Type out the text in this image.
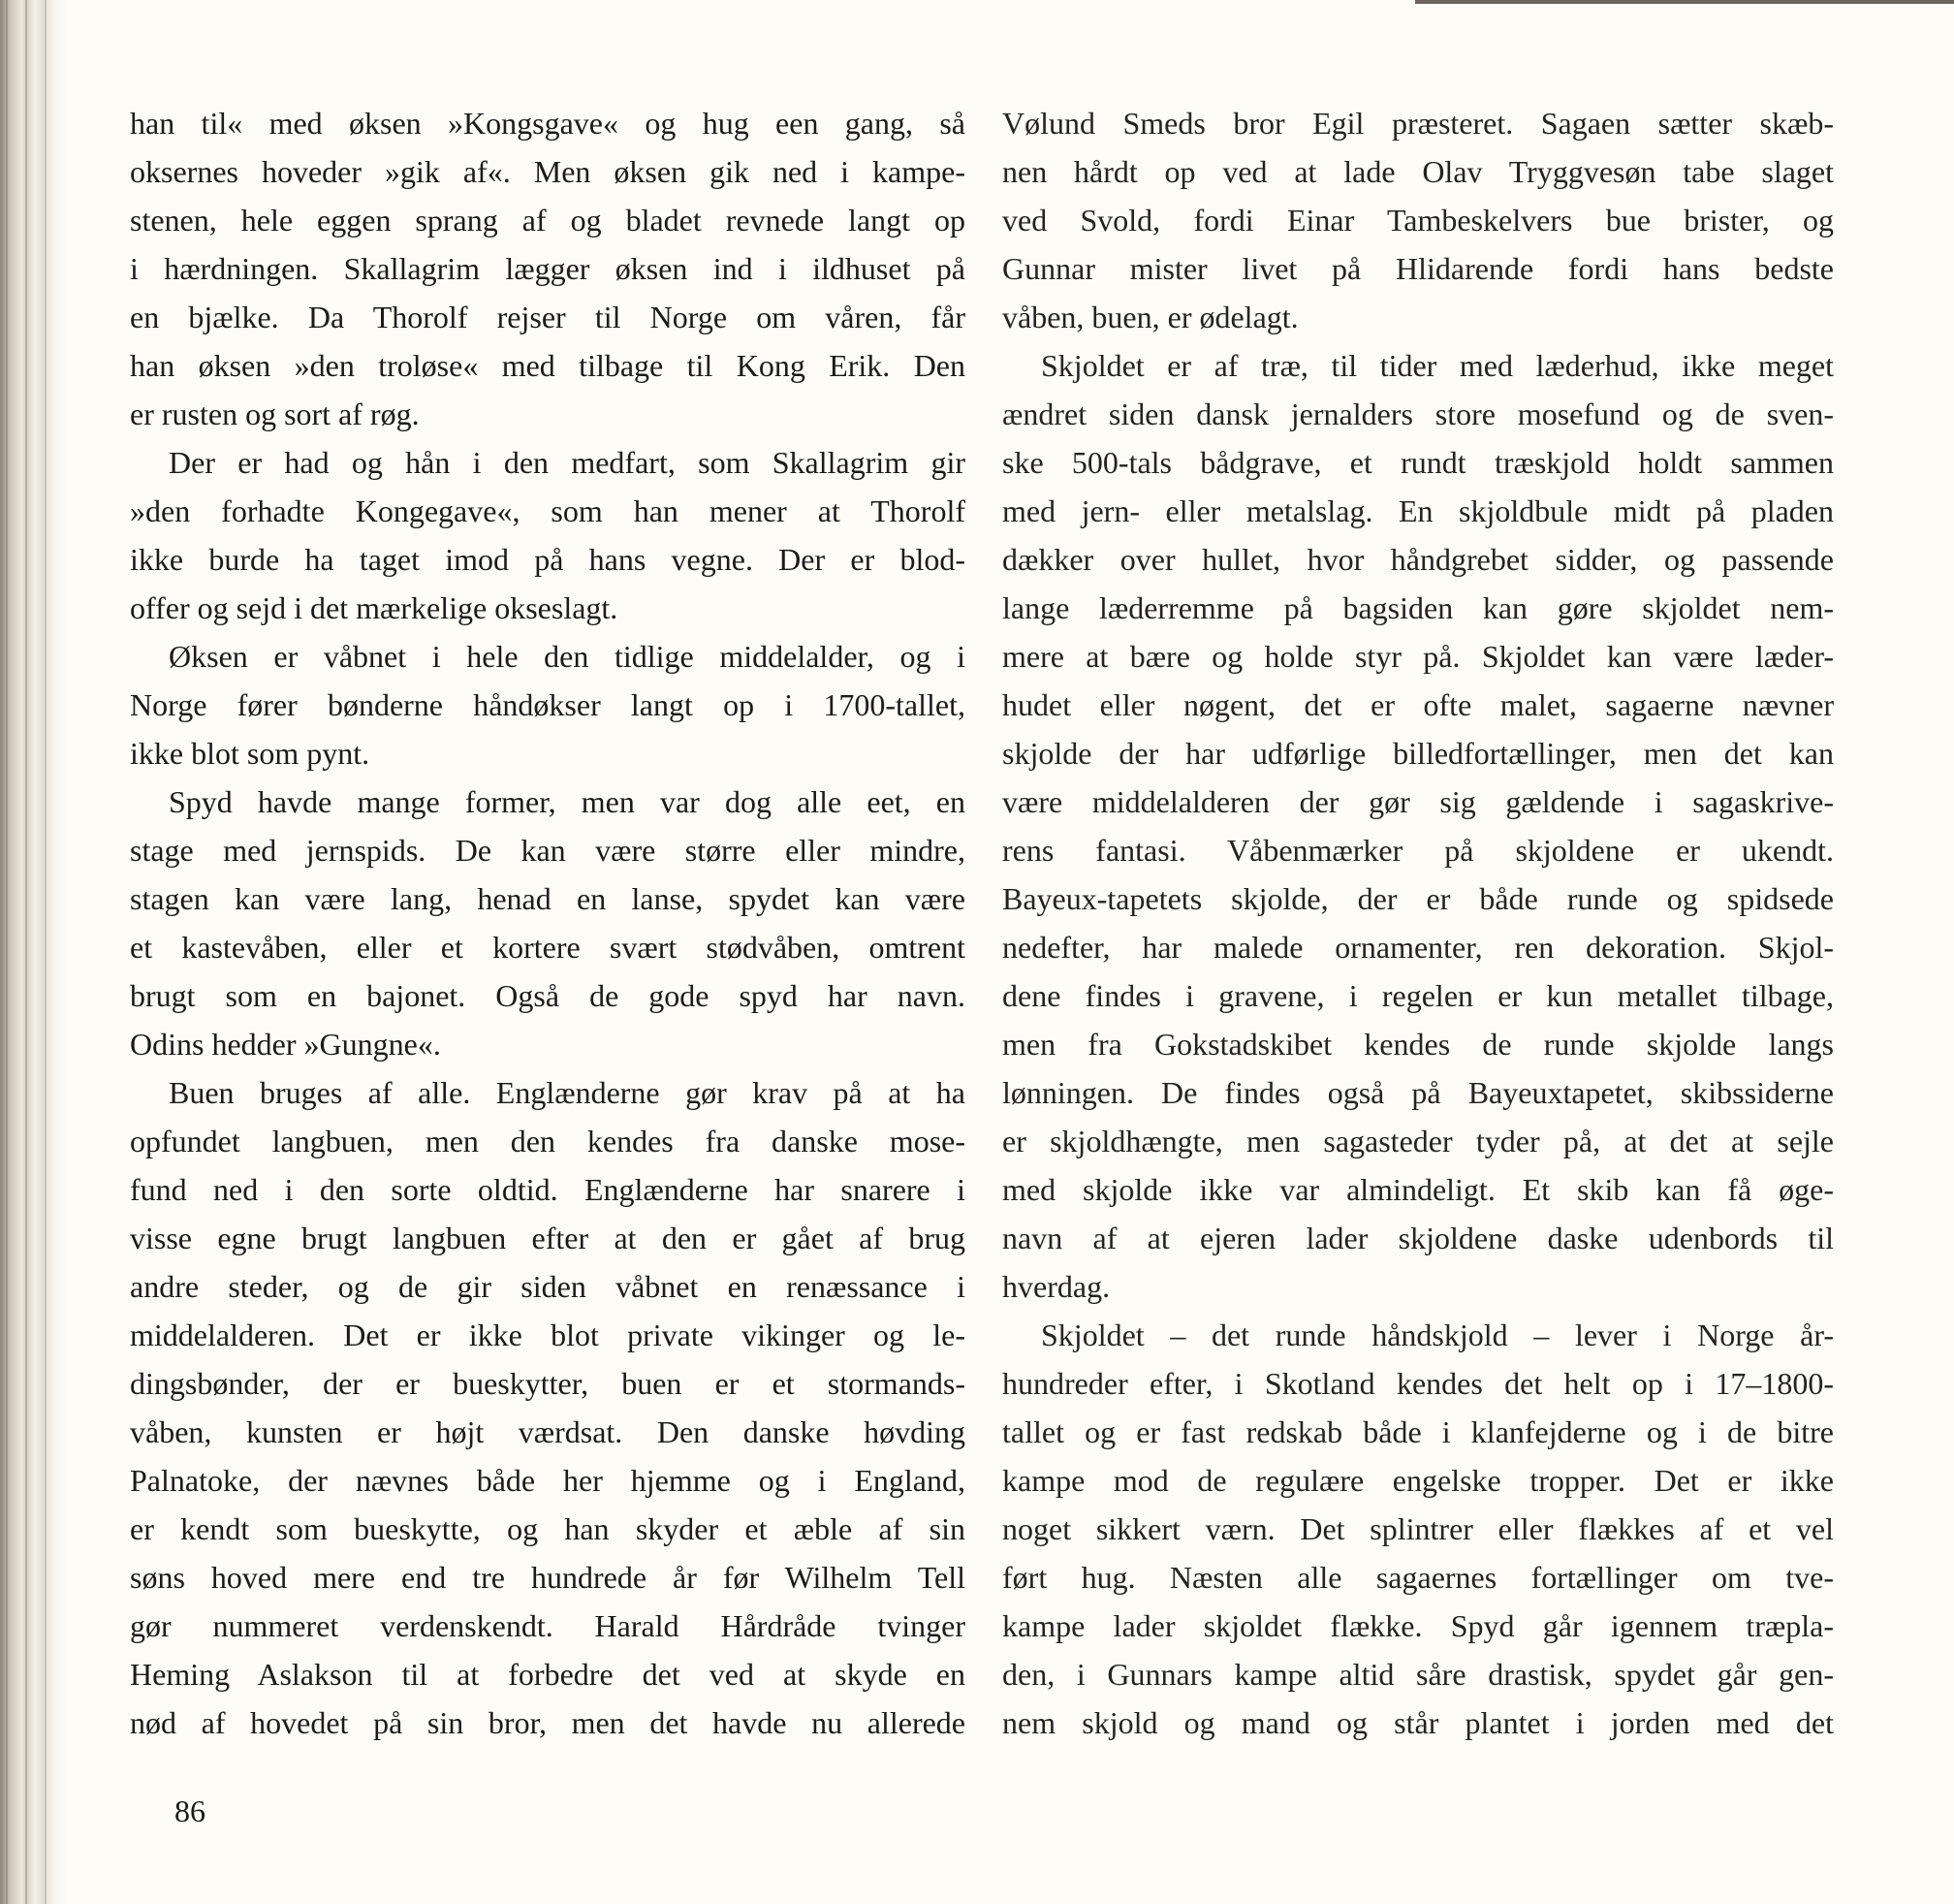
han til« med øksen »Kongsgave« og hug een gang, så
oksernes hoveder »gik af«. Men øksen gik ned i kampe-
stenen, hele eggen sprang af og bladet revnede langt op
i hærdningen. Skallagrim lægger øksen ind i ildhuset på
en bjælke. Da Thorolf rejser til Norge om våren, får
han øksen »den troløse« med tilbage til Kong Erik. Den
er rusten og sort af røg.
Der er had og hån i den medfart, som Skallagrim gir
»den forhadte Kongegave«, som han mener at Thorolf
ikke burde ha taget imod på hans vegne. Der er blod-
offer og sejd i det mærkelige okseslagt.
Øksen er våbnet i hele den tidlige middelalder, og i
Norge fører bønderne håndøkser langt op i 1700-tallet,
ikke blot som pynt.
Spyd havde mange former, men var dog alle eet, en
stage med jernspids. De kan være større eller mindre,
stagen kan være lang, henad en lanse, spydet kan være
et kastevåben, eller et kortere svært stødvåben, omtrent
brugt som en bajonet. Også de gode spyd har navn.
Odins hedder »Gungne«.
Buen bruges af alle. Englænderne gør krav på at ha
opfundet langbuen, men den kendes fra danske mose-
fund ned i den sorte oldtid. Englænderne har snarere i
visse egne brugt langbuen efter at den er gået af brug
andre steder, og de gir siden våbnet en renæssance i
middelalderen. Det er ikke blot private vikinger og le-
dingsbønder, der er bueskytter, buen er et stormands-
våben, kunsten er højt værdsat. Den danske høvding
Palnatoke, der nævnes både her hjemme og i England,
er kendt som bueskytte, og han skyder et æble af sin
søns hoved mere end tre hundrede år før Wilhelm Tell
gør nummeret verdenskendt. Harald Hårdråde tvinger
Heming Aslakson til at forbedre det ved at skyde en
nød af hovedet på sin bror, men det havde nu allerede
Vølund Smeds bror Egil præsteret. Sagaen sætter skæb-
nen hårdt op ved at lade Olav Tryggvesøn tabe slaget
ved Svold, fordi Einar Tambeskelvers bue brister, og
Gunnar mister livet på Hlidarende fordi hans bedste
våben, buen, er ødelagt.
Skjoldet er af træ, til tider med læderhud, ikke meget
ændret siden dansk jernalders store mosefund og de sven-
ske 500-tals bådgrave, et rundt træskjold holdt sammen
med jern- eller metalslag. En skjoldbule midt på pladen
dækker over hullet, hvor håndgrebet sidder, og passende
lange læderremme på bagsiden kan gøre skjoldet nem-
mere at bære og holde styr på. Skjoldet kan være læder-
hudet eller nøgent, det er ofte malet, sagaerne nævner
skjolde der har udførlige billedfortællinger, men det kan
være middelalderen der gør sig gældende i sagaskrive-
rens fantasi. Våbenmærker på skjoldene er ukendt.
Bayeux-tapetets skjolde, der er både runde og spidsede
nedefter, har malede ornamenter, ren dekoration. Skjol-
dene findes i gravene, i regelen er kun metallet tilbage,
men fra Gokstadskibet kendes de runde skjolde langs
lønningen. De findes også på Bayeuxtapetet, skibssiderne
er skjoldhængte, men sagasteder tyder på, at det at sejle
med skjolde ikke var almindeligt. Et skib kan få øge-
navn af at ejeren lader skjoldene daske udenbords til
hverdag.
Skjoldet – det runde håndskjold – lever i Norge år-
hundreder efter, i Skotland kendes det helt op i 17–1800-
tallet og er fast redskab både i klanfejderne og i de bitre
kampe mod de regulære engelske tropper. Det er ikke
noget sikkert værn. Det splintrer eller flækkes af et vel
ført hug. Næsten alle sagaernes fortællinger om tve-
kampe lader skjoldet flække. Spyd går igennem træpla-
den, i Gunnars kampe altid såre drastisk, spydet går gen-
nem skjold og mand og står plantet i jorden med det
86
